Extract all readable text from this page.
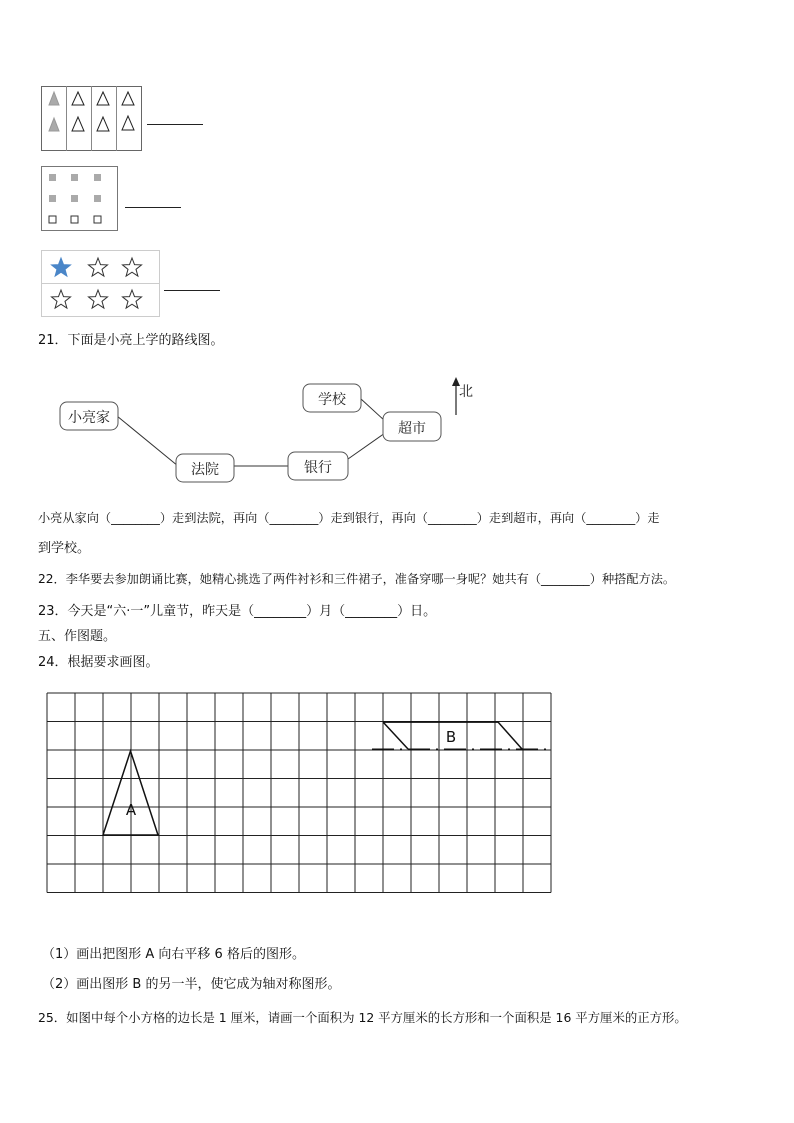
21．下面是小亮上学的路线图。
小亮家
法院	银行
超市
学校	北
小亮从家向（________）走到法院，再向（________）走到银行，再向（________）走到超市，再向（________）走
到学校。
22．李华要去参加朗诵比赛，她精心挑选了两件衬衫和三件裙子，准备穿哪一身呢？她共有（________）种搭配方法。
23．今天是“六·一”儿童节，昨天是（________）月（________）日。
五、作图题。
24．根据要求画图。
A
B
（1）画出把图形 A 向右平移 6 格后的图形。
（2）画出图形 B 的另一半，使它成为轴对称图形。
25．如图中每个小方格的边长是 1 厘米，请画一个面积为 12 平方厘米的长方形和一个面积是 16 平方厘米的正方形。
